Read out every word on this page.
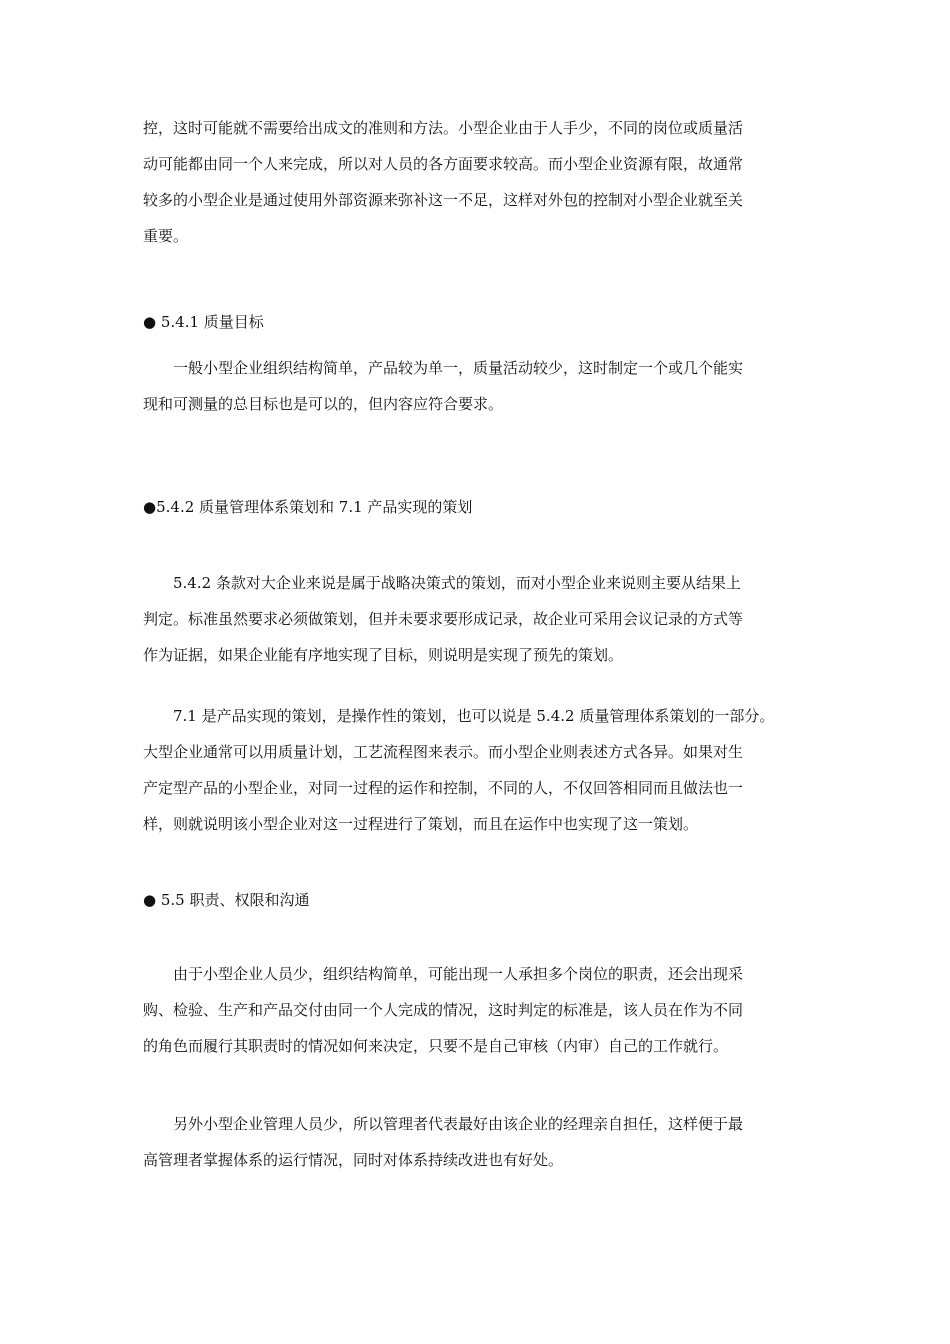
控，这时可能就不需要给出成文的准则和方法。小型企业由于人手少，不同的岗位或质量活
动可能都由同一个人来完成，所以对人员的各方面要求较高。而小型企业资源有限，故通常
较多的小型企业是通过使用外部资源来弥补这一不足，这样对外包的控制对小型企业就至关
重要。
● 5.4.1 质量目标
　　一般小型企业组织结构简单，产品较为单一，质量活动较少，这时制定一个或几个能实
现和可测量的总目标也是可以的，但内容应符合要求。
●5.4.2 质量管理体系策划和 7.1 产品实现的策划
　　5.4.2 条款对大企业来说是属于战略决策式的策划，而对小型企业来说则主要从结果上
判定。标准虽然要求必须做策划，但并未要求要形成记录，故企业可采用会议记录的方式等
作为证据，如果企业能有序地实现了目标，则说明是实现了预先的策划。
　　7.1 是产品实现的策划，是操作性的策划，也可以说是 5.4.2 质量管理体系策划的一部分。
大型企业通常可以用质量计划，工艺流程图来表示。而小型企业则表述方式各异。如果对生
产定型产品的小型企业，对同一过程的运作和控制，不同的人，不仅回答相同而且做法也一
样，则就说明该小型企业对这一过程进行了策划，而且在运作中也实现了这一策划。
● 5.5 职责、权限和沟通
　　由于小型企业人员少，组织结构简单，可能出现一人承担多个岗位的职责，还会出现采
购、检验、生产和产品交付由同一个人完成的情况，这时判定的标准是，该人员在作为不同
的角色而履行其职责时的情况如何来决定，只要不是自己审核（内审）自己的工作就行。
　　另外小型企业管理人员少，所以管理者代表最好由该企业的经理亲自担任，这样便于最
高管理者掌握体系的运行情况，同时对体系持续改进也有好处。
